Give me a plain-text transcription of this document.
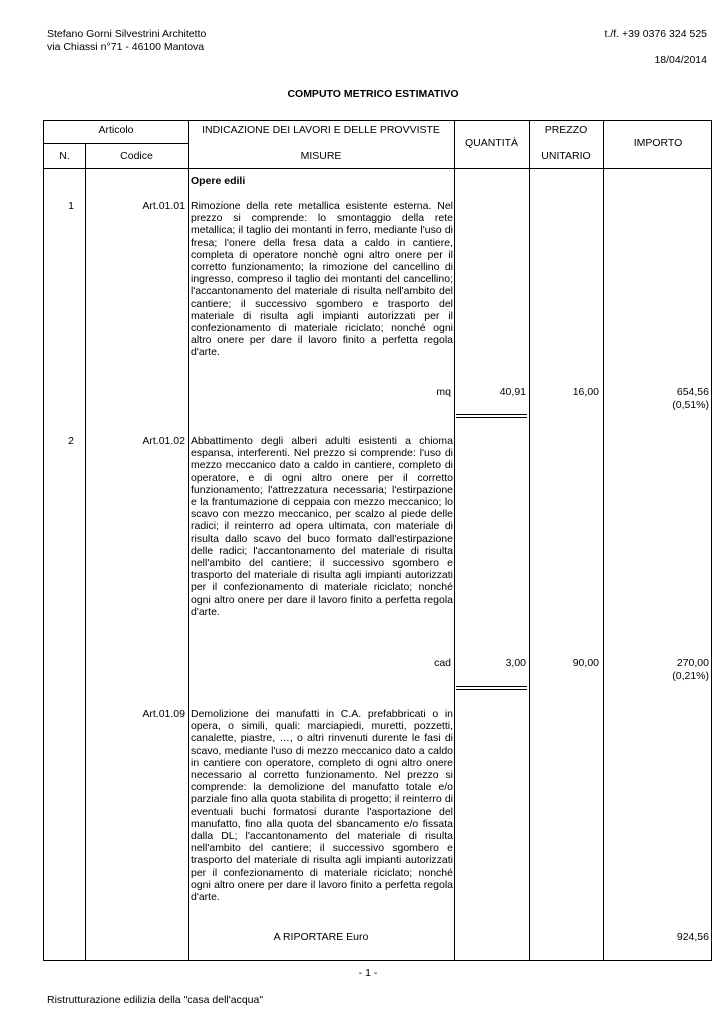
Stefano Gorni Silvestrini Architetto
via Chiassi n°71 - 46100 Mantova
t./f. +39 0376 324 525
18/04/2014
COMPUTO METRICO ESTIMATIVO
Articolo
N.	Codice
INDICAZIONE DEI LAVORI E DELLE PROVVISTE
MISURE
QUANTITÀ
PREZZO
UNITARIO
IMPORTO
Opere edili
1	Art.01.01 Rimozione della rete metallica esistente esterna. Nel prezzo si comprende: lo smontaggio della rete metallica; il taglio dei montanti in ferro, mediante l'uso di fresa; l'onere della fresa data a caldo in cantiere, completa di operatore nonchè ogni altro onere per il corretto funzionamento; la rimozione del cancellino di ingresso, compreso il taglio dei montanti del cancellino; l'accantonamento del materiale di risulta nell'ambito del cantiere; il successivo sgombero e trasporto del materiale di risulta agli impianti autorizzati per il confezionamento di materiale riciclato; nonché ogni altro onere per dare il lavoro finito a perfetta regola d'arte.
mq	40,91	16,00	654,56
(0,51%)
2	Art.01.02 Abbattimento degli alberi adulti esistenti a chioma espansa, interferenti. Nel prezzo si comprende: l'uso di mezzo meccanico dato a caldo in cantiere, completo di operatore, e di ogni altro onere per il corretto funzionamento; l'attrezzatura necessaria; l'estirpazione e la frantumazione di ceppaia con mezzo meccanico; lo scavo con mezzo meccanico, per scalzo al piede delle radici; il reinterro ad opera ultimata, con materiale di risulta dallo scavo del buco formato dall'estirpazione delle radici; l'accantonamento del materiale di risulta nell'ambito del cantiere; il successivo sgombero e trasporto del materiale di risulta agli impianti autorizzati per il confezionamento di materiale riciclato; nonché ogni altro onere per dare il lavoro finito a perfetta regola d'arte.
cad	3,00	90,00	270,00
(0,21%)
Art.01.09 Demolizione dei manufatti in C.A. prefabbricati o in opera, o simili, quali: marciapiedi, muretti, pozzetti, canalette, piastre, …, o altri rinvenuti durente le fasi di scavo, mediante l'uso di mezzo meccanico dato a caldo in cantiere con operatore, completo di ogni altro onere necessario al corretto funzionamento. Nel prezzo si comprende: la demolizione del manufatto totale e/o parziale fino alla quota stabilita di progetto; il reinterro di eventuali buchi formatosi durante l'asportazione del manufatto, fino alla quota del sbancamento e/o fissata dalla DL; l'accantonamento del materiale di risulta nell'ambito del cantiere; il successivo sgombero e trasporto del materiale di risulta agli impianti autorizzati per il confezionamento di materiale riciclato; nonché ogni altro onere per dare il lavoro finito a perfetta regola d'arte.
A RIPORTARE Euro	924,56
- 1 -
Ristrutturazione edilizia della "casa dell'acqua"
